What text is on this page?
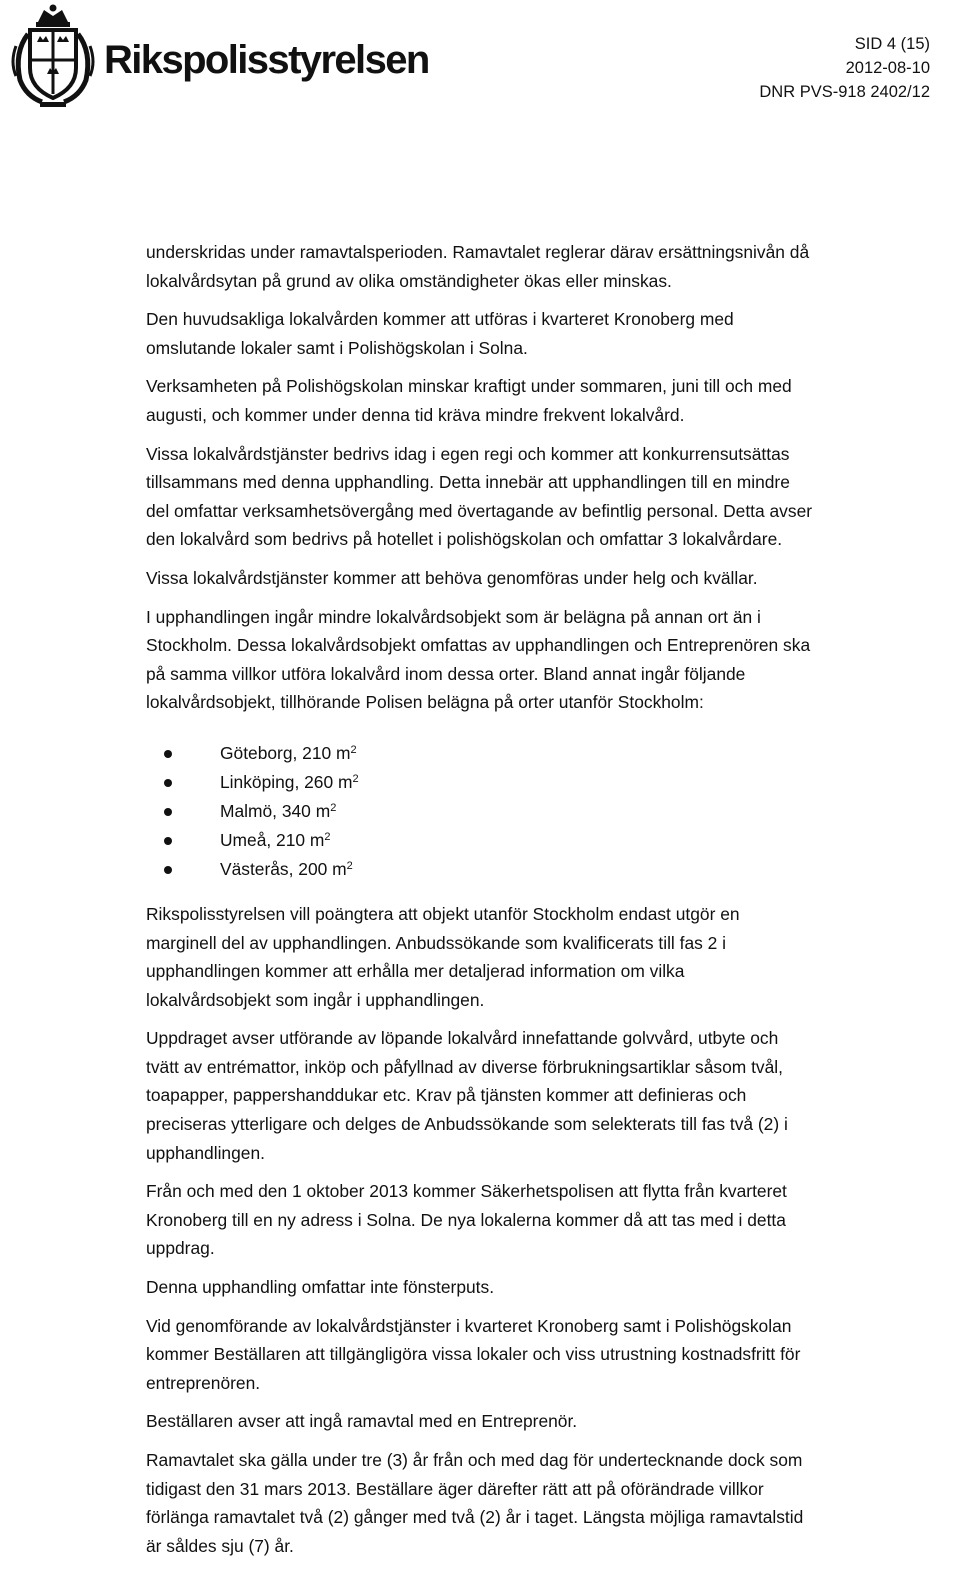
Rikspolisstyrelsen	SID 4 (15)
2012-08-10
DNR PVS-918 2402/12

underskridas under ramavtalsperioden. Ramavtalet reglerar därav ersättningsnivån då
lokalvårdsytan på grund av olika omständigheter ökas eller minskas.

Den huvudsakliga lokalvården kommer att utföras i kvarteret Kronoberg med
omslutande lokaler samt i Polishögskolan i Solna.

Verksamheten på Polishögskolan minskar kraftigt under sommaren, juni till och med
augusti, och kommer under denna tid kräva mindre frekvent lokalvård.

Vissa lokalvårdstjänster bedrivs idag i egen regi och kommer att konkurrensutsättas
tillsammans med denna upphandling. Detta innebär att upphandlingen till en mindre
del omfattar verksamhetsövergång med övertagande av befintlig personal. Detta avser
den lokalvård som bedrivs på hotellet i polishögskolan och omfattar 3 lokalvårdare.

Vissa lokalvårdstjänster kommer att behöva genomföras under helg och kvällar.

I upphandlingen ingår mindre lokalvårdsobjekt som är belägna på annan ort än i
Stockholm. Dessa lokalvårdsobjekt omfattas av upphandlingen och Entreprenören ska
på samma villkor utföra lokalvård inom dessa orter. Bland annat ingår följande
lokalvårdsobjekt, tillhörande Polisen belägna på orter utanför Stockholm:

Göteborg, 210 $m^2$
Linköping, 260 $m^2$
Malmö, 340 $m^2$
Umeå, 210 $m^2$
Västerås, 200 $m^2$

Rikspolisstyrelsen vill poängtera att objekt utanför Stockholm endast utgör en
marginell del av upphandlingen. Anbudssökande som kvalificerats till fas 2 i
upphandlingen kommer att erhålla mer detaljerad information om vilka
lokalvårdsobjekt som ingår i upphandlingen.

Uppdraget avser utförande av löpande lokalvård innefattande golvvård, utbyte och
tvätt av entrémattor, inköp och påfyllnad av diverse förbrukningsartiklar såsom tvål,
toapapper, pappershanddukar etc. Krav på tjänsten kommer att definieras och
preciseras ytterligare och delges de Anbudssökande som selekterats till fas två (2) i
upphandlingen.

Från och med den 1 oktober 2013 kommer Säkerhetspolisen att flytta från kvarteret
Kronoberg till en ny adress i Solna. De nya lokalerna kommer då att tas med i detta
uppdrag.

Denna upphandling omfattar inte fönsterputs.

Vid genomförande av lokalvårdstjänster i kvarteret Kronoberg samt i Polishögskolan
kommer Beställaren att tillgängligöra vissa lokaler och viss utrustning kostnadsfritt för
entreprenören.

Beställaren avser att ingå ramavtal med en Entreprenör.

Ramavtalet ska gälla under tre (3) år från och med dag för undertecknande dock som
tidigast den 31 mars 2013. Beställare äger därefter rätt att på oförändrade villkor
förlänga ramavtalet två (2) gånger med två (2) år i taget. Längsta möjliga ramavtalstid
är såldes sju (7) år.
